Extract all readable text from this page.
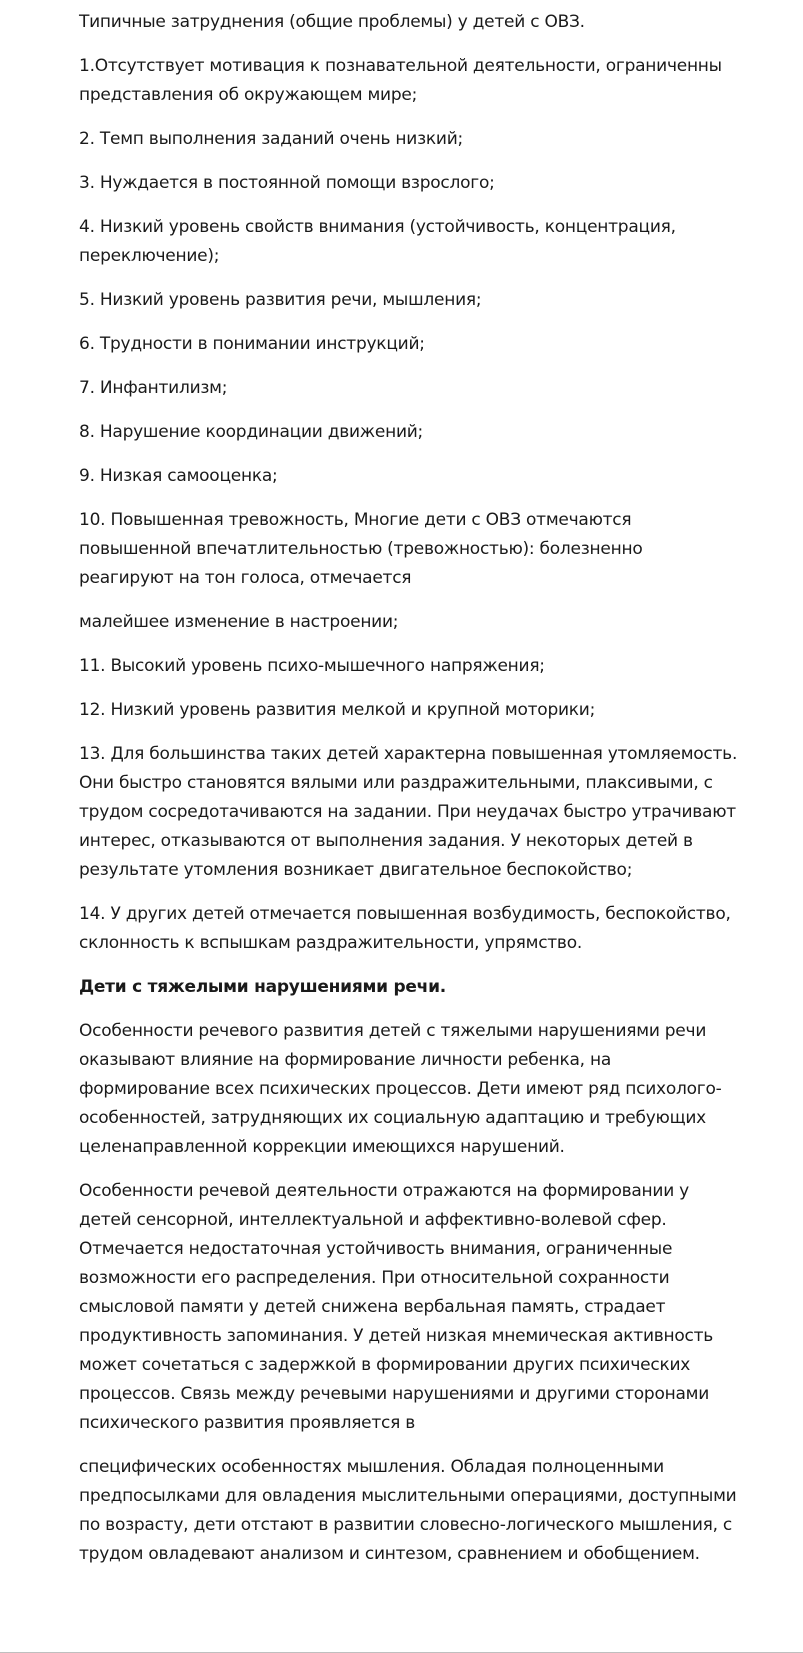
Типичные затруднения (общие проблемы) у детей с ОВЗ.

1.Отсутствует мотивация к познавательной деятельности, ограниченны представления об окружающем мире;

2. Темп выполнения заданий очень низкий;

3. Нуждается в постоянной помощи взрослого;

4. Низкий уровень свойств внимания (устойчивость, концентрация, переключение);

5. Низкий уровень развития речи, мышления;

6. Трудности в понимании инструкций;

7. Инфантилизм;

8. Нарушение координации движений;

9. Низкая самооценка;

10. Повышенная тревожность, Многие дети с ОВЗ отмечаются повышенной впечатлительностью (тревожностью): болезненно реагируют на тон голоса, отмечается

малейшее изменение в настроении;

11. Высокий уровень психо-мышечного напряжения;

12. Низкий уровень развития мелкой и крупной моторики;

13. Для большинства таких детей характерна повышенная утомляемость. Они быстро становятся вялыми или раздражительными, плаксивыми, с трудом сосредотачиваются на задании. При неудачах быстро утрачивают интерес, отказываются от выполнения задания. У некоторых детей в результате утомления возникает двигательное беспокойство;

14. У других детей отмечается повышенная возбудимость, беспокойство, склонность к вспышкам раздражительности, упрямство.

Дети с тяжелыми нарушениями речи.

Особенности речевого развития детей с тяжелыми нарушениями речи оказывают влияние на формирование личности ребенка, на формирование всех психических процессов. Дети имеют ряд психолого-особенностей, затрудняющих их социальную адаптацию и требующих целенаправленной коррекции имеющихся нарушений.

Особенности речевой деятельности отражаются на формировании у детей сенсорной, интеллектуальной и аффективно-волевой сфер. Отмечается недостаточная устойчивость внимания, ограниченные возможности его распределения. При относительной сохранности смысловой памяти у детей снижена вербальная память, страдает продуктивность запоминания. У детей низкая мнемическая активность может сочетаться с задержкой в формировании других психических процессов. Связь между речевыми нарушениями и другими сторонами психического развития проявляется в

специфических особенностях мышления. Обладая полноценными предпосылками для овладения мыслительными операциями, доступными по возрасту, дети отстают в развитии словесно-логического мышления, с трудом овладевают анализом и синтезом, сравнением и обобщением.
